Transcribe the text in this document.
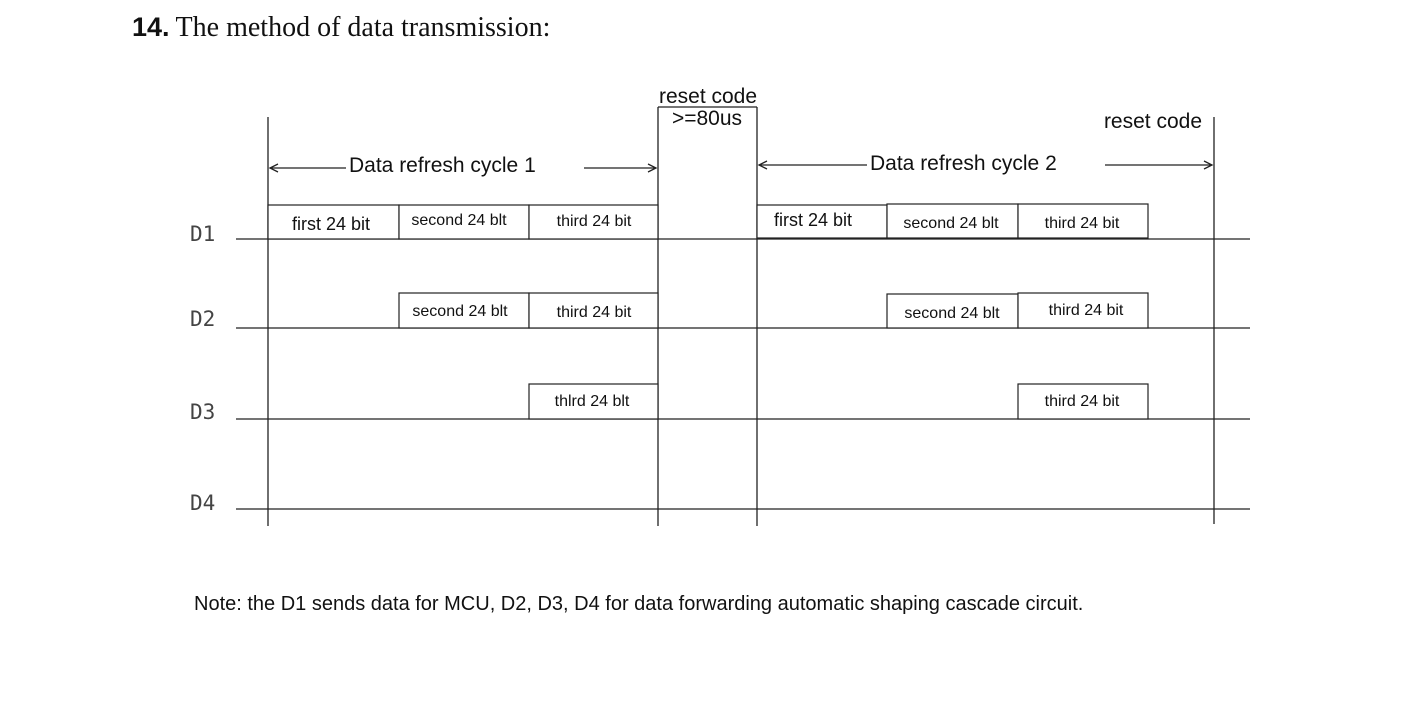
14. The method of data transmission:
reset code
>=80us	reset code
Data refresh cycle 1	Data refresh cycle 2
D1
D2
D3
D4
first 24 bit	second 24 blt	third 24 bit
second 24 blt	third 24 bit
thlrd 24 blt
first 24 bit	second 24 blt	third 24 bit
second 24 blt	third 24 bit
third 24 bit
Note: the D1 sends data for MCU, D2, D3, D4 for data forwarding automatic shaping cascade circuit.
